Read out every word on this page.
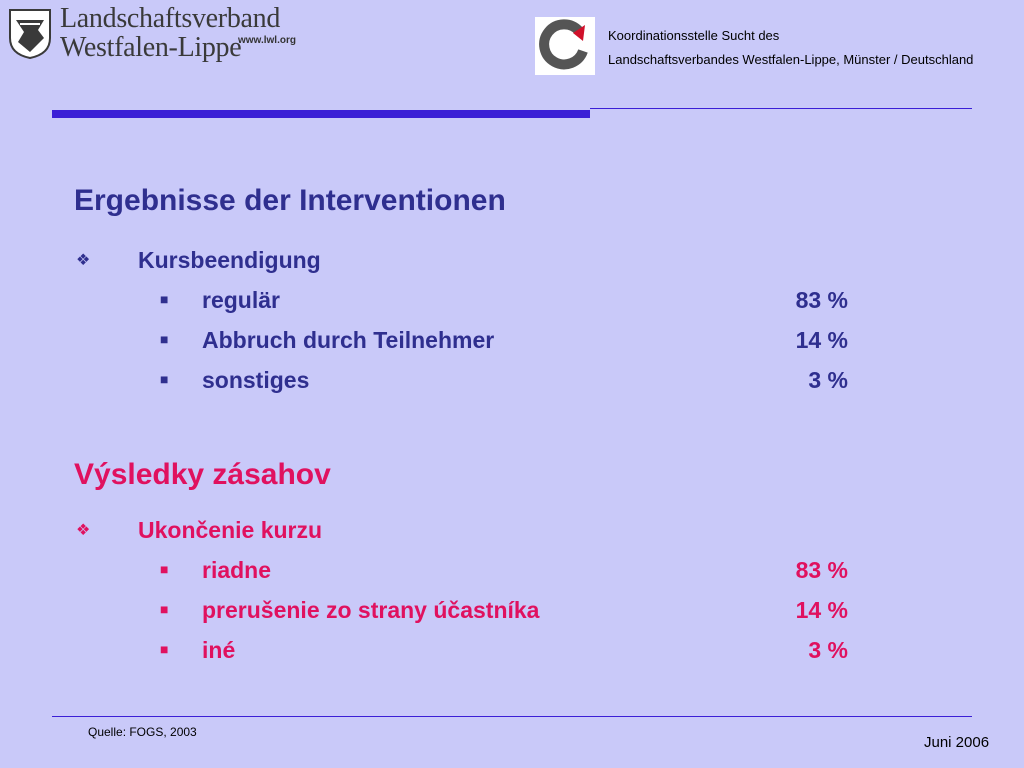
Landschaftsverband
Westfalen-Lippe
www.lwl.org	Koordinationsstelle Sucht des
Landschaftsverbandes Westfalen-Lippe, Münster / Deutschland
Ergebnisse der Interventionen
❖ Kursbeendigung
■ regulär	83 %
■ Abbruch durch Teilnehmer	14 %
■ sonstiges	3 %
Výsledky zásahov
❖ Ukončenie kurzu
■ riadne	83 %
■ prerušenie zo strany účastníka	14 %
■ iné	3 %
Quelle: FOGS, 2003
Juni 2006
